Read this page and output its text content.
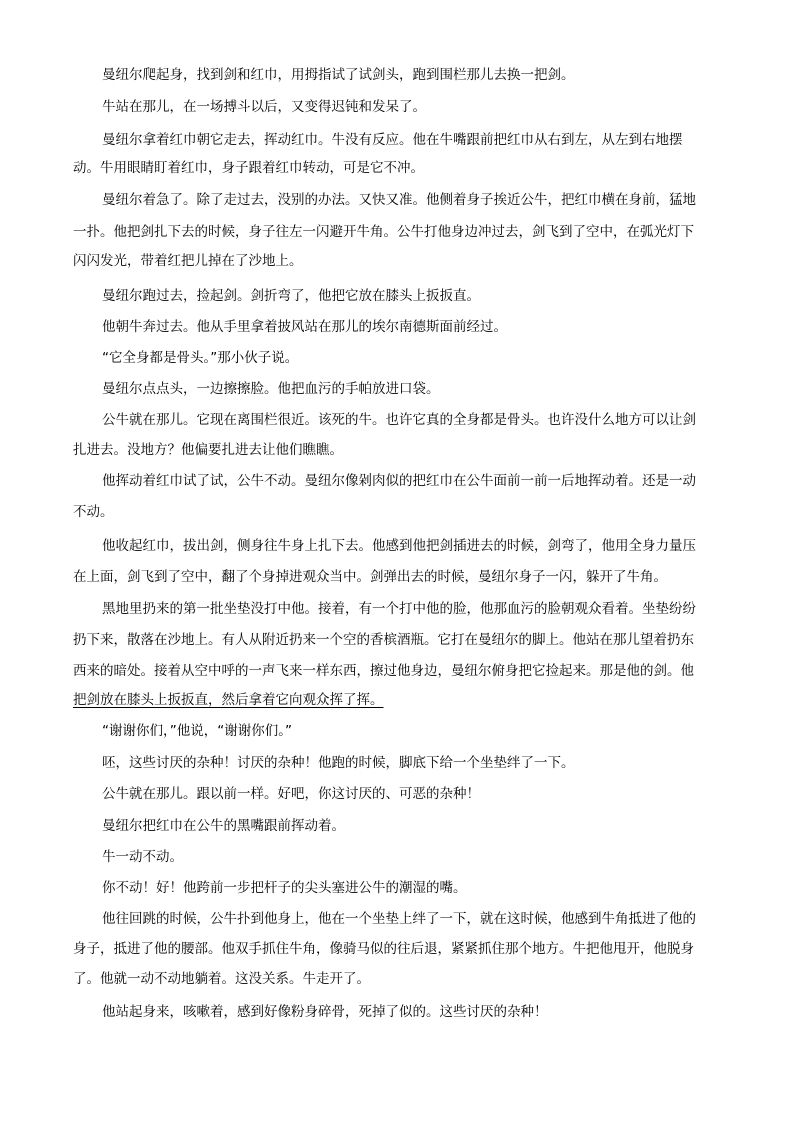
曼纽尔爬起身，找到剑和红巾，用拇指试了试剑头，跑到围栏那儿去换一把剑。
牛站在那儿，在一场搏斗以后，又变得迟钝和发呆了。
曼纽尔拿着红巾朝它走去，挥动红巾。牛没有反应。他在牛嘴跟前把红巾从右到左，从左到右地摆
动。牛用眼睛盯着红巾，身子跟着红巾转动，可是它不冲。
曼纽尔着急了。除了走过去，没别的办法。又快又准。他侧着身子挨近公牛，把红巾横在身前，猛地
一扑。他把剑扎下去的时候，身子往左一闪避开牛角。公牛打他身边冲过去，剑飞到了空中，在弧光灯下
闪闪发光，带着红把儿掉在了沙地上。
曼纽尔跑过去，捡起剑。剑折弯了，他把它放在膝头上扳扳直。
他朝牛奔过去。他从手里拿着披风站在那儿的埃尔南德斯面前经过。
“它全身都是骨头。”那小伙子说。
曼纽尔点点头，一边擦擦脸。他把血污的手帕放进口袋。
公牛就在那儿。它现在离围栏很近。该死的牛。也许它真的全身都是骨头。也许没什么地方可以让剑
扎进去。没地方？他偏要扎进去让他们瞧瞧。
他挥动着红巾试了试，公牛不动。曼纽尔像剁肉似的把红巾在公牛面前一前一后地挥动着。还是一动
不动。
他收起红巾，拔出剑，侧身往牛身上扎下去。他感到他把剑插进去的时候，剑弯了，他用全身力量压
在上面，剑飞到了空中，翻了个身掉进观众当中。剑弹出去的时候，曼纽尔身子一闪，躲开了牛角。
黑地里扔来的第一批坐垫没打中他。接着，有一个打中他的脸，他那血污的脸朝观众看着。坐垫纷纷
扔下来，散落在沙地上。有人从附近扔来一个空的香槟酒瓶。它打在曼纽尔的脚上。他站在那儿望着扔东
西来的暗处。接着从空中呼的一声飞来一样东西，擦过他身边，曼纽尔俯身把它捡起来。那是他的剑。他
把剑放在膝头上扳扳直，然后拿着它向观众挥了挥。
“谢谢你们，”他说，“谢谢你们。”
呸，这些讨厌的杂种！讨厌的杂种！他跑的时候，脚底下给一个坐垫绊了一下。
公牛就在那儿。跟以前一样。好吧，你这讨厌的、可恶的杂种！
曼纽尔把红巾在公牛的黑嘴跟前挥动着。
牛一动不动。
你不动！好！他跨前一步把杆子的尖头塞进公牛的潮湿的嘴。
他往回跳的时候，公牛扑到他身上，他在一个坐垫上绊了一下，就在这时候，他感到牛角抵进了他的
身子，抵进了他的腰部。他双手抓住牛角，像骑马似的往后退，紧紧抓住那个地方。牛把他甩开，他脱身
了。他就一动不动地躺着。这没关系。牛走开了。
他站起身来，咳嗽着，感到好像粉身碎骨，死掉了似的。这些讨厌的杂种！
